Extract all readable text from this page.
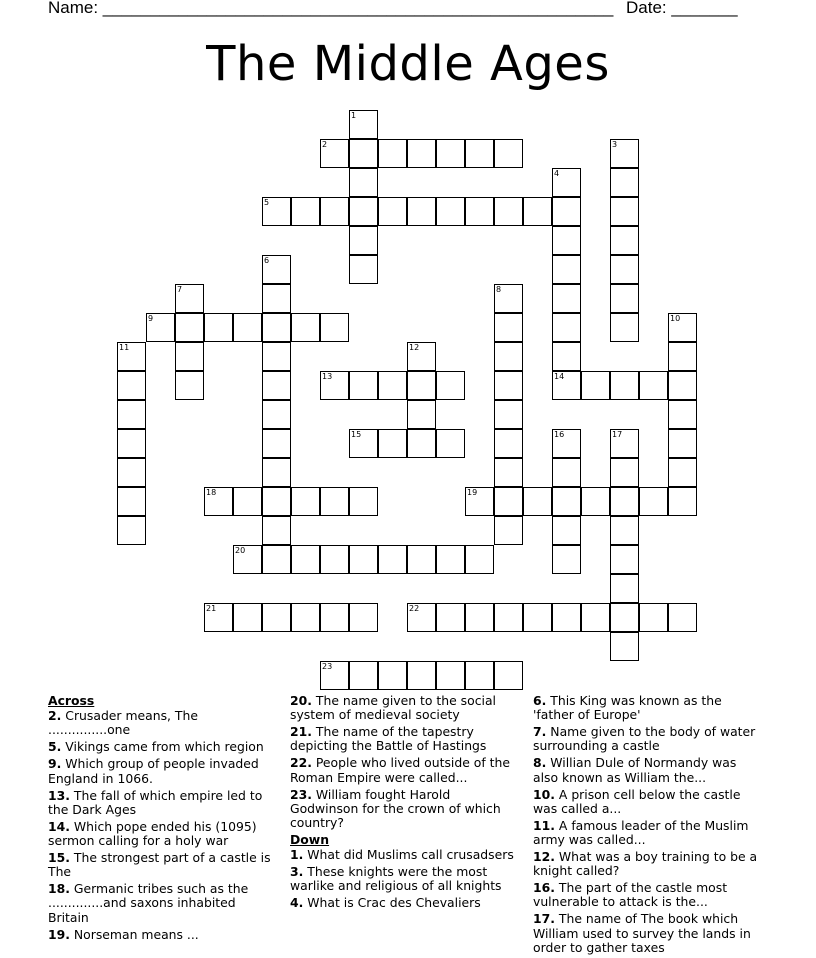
Name: ______________________________________________________ Date: _______
The Middle Ages
1
2	3
4
5
6
7	8
9	10
11	12
13	14
15	16	17
18	19
20
21	22
23
Across
2. Crusader means, The ...............one
5. Vikings came from which region
9. Which group of people invaded England in 1066.
13. The fall of which empire led to the Dark Ages
14. Which pope ended his (1095) sermon calling for a holy war
15. The strongest part of a castle is The
18. Germanic tribes such as the ..............and saxons inhabited Britain
19. Norseman means ...
20. The name given to the social system of medieval society
21. The name of the tapestry depicting the Battle of Hastings
22. People who lived outside of the Roman Empire were called...
23. William fought Harold Godwinson for the crown of which country?
Down
1. What did Muslims call crusadsers
3. These knights were the most warlike and religious of all knights
4. What is Crac des Chevaliers
6. This King was known as the 'father of Europe'
7. Name given to the body of water surrounding a castle
8. Willian Dule of Normandy was also known as William the...
10. A prison cell below the castle was called a...
11. A famous leader of the Muslim army was called...
12. What was a boy training to be a knight called?
16. The part of the castle most vulnerable to attack is the...
17. The name of The book which William used to survey the lands in order to gather taxes
